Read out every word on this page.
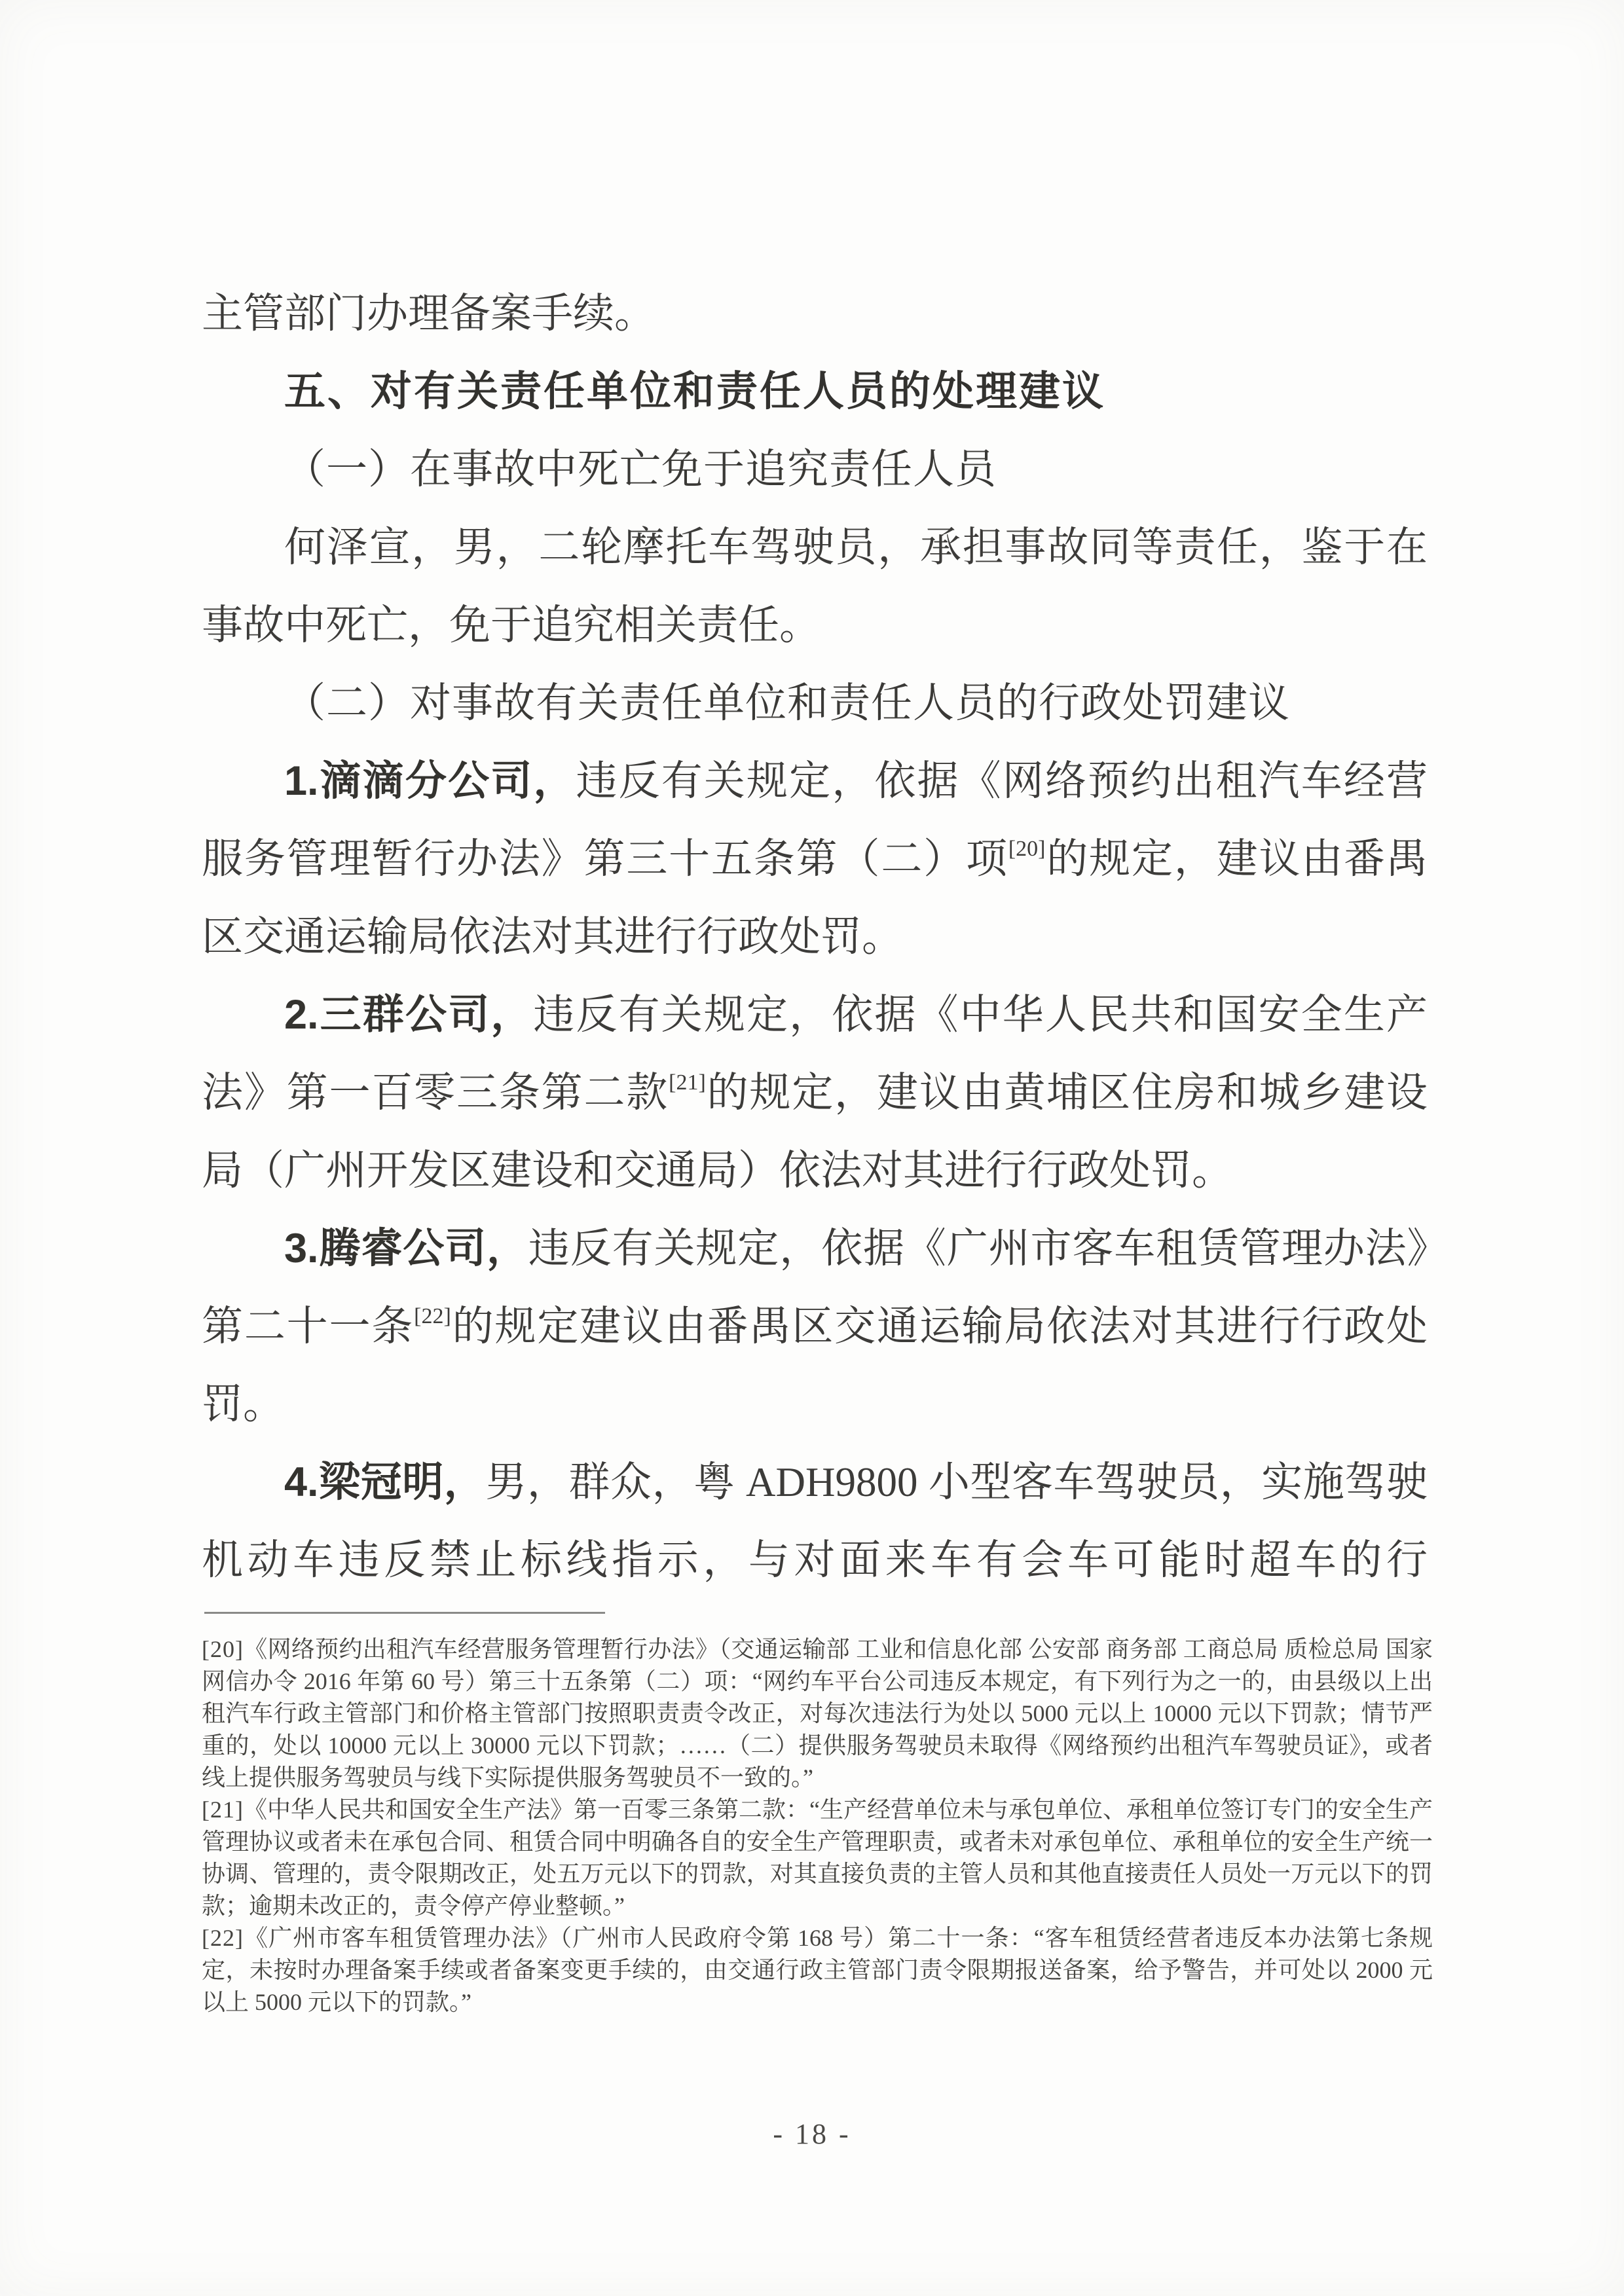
主管部门办理备案手续。

五、对有关责任单位和责任人员的处理建议
（一）在事故中死亡免于追究责任人员

何泽宣，男，二轮摩托车驾驶员，承担事故同等责任，鉴于在事故中死亡，免于追究相关责任。

（二）对事故有关责任单位和责任人员的行政处罚建议

1.滴滴分公司，违反有关规定，依据《网络预约出租汽车经营服务管理暂行办法》第三十五条第（二）项[20]的规定，建议由番禺区交通运输局依法对其进行行政处罚。

2.三群公司，违反有关规定，依据《中华人民共和国安全生产法》第一百零三条第二款[21]的规定，建议由黄埔区住房和城乡建设局（广州开发区建设和交通局）依法对其进行行政处罚。

3.腾睿公司，违反有关规定，依据《广州市客车租赁管理办法》第二十一条[22]的规定建议由番禺区交通运输局依法对其进行行政处罚。

4.梁冠明，男，群众，粤 ADH9800 小型客车驾驶员，实施驾驶机动车违反禁止标线指示，与对面来车有会车可能时超车的行

[20]《网络预约出租汽车经营服务管理暂行办法》（交通运输部 工业和信息化部 公安部 商务部 工商总局 质检总局 国家网信办令 2016 年第 60 号）第三十五条第（二）项：“网约车平台公司违反本规定，有下列行为之一的，由县级以上出租汽车行政主管部门和价格主管部门按照职责责令改正，对每次违法行为处以 5000 元以上 10000 元以下罚款；情节严重的，处以 10000 元以上 30000 元以下罚款；……（二）提供服务驾驶员未取得《网络预约出租汽车驾驶员证》，或者线上提供服务驾驶员与线下实际提供服务驾驶员不一致的。”

[21]《中华人民共和国安全生产法》第一百零三条第二款：“生产经营单位未与承包单位、承租单位签订专门的安全生产管理协议或者未在承包合同、租赁合同中明确各自的安全生产管理职责，或者未对承包单位、承租单位的安全生产统一协调、管理的，责令限期改正，处五万元以下的罚款，对其直接负责的主管人员和其他直接责任人员处一万元以下的罚款；逾期未改正的，责令停产停业整顿。”

[22]《广州市客车租赁管理办法》（广州市人民政府令第 168 号）第二十一条：“客车租赁经营者违反本办法第七条规定，未按时办理备案手续或者备案变更手续的，由交通行政主管部门责令限期报送备案，给予警告，并可处以 2000 元以上 5000 元以下的罚款。”

- 18 -
